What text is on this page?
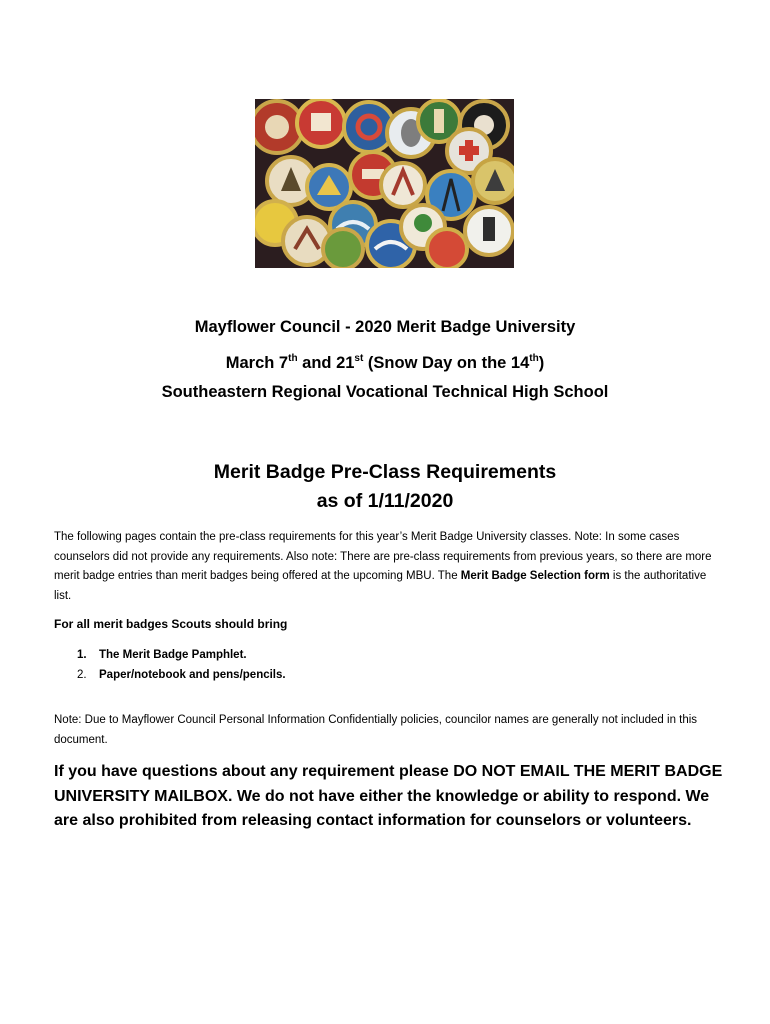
Mayflower Council - 2020 Merit Badge University
March 7th and 21st (Snow Day on the 14th)
Southeastern Regional Vocational Technical High School
Merit Badge Pre-Class Requirements
as of 1/11/2020
The following pages contain the pre-class requirements for this year’s Merit Badge University classes. Note: In some cases counselors did not provide any requirements. Also note: There are pre-class requirements from previous years, so there are more merit badge entries than merit badges being offered at the upcoming MBU. The Merit Badge Selection form is the authoritative list.
For all merit badges Scouts should bring
1.	The Merit Badge Pamphlet.
2.	Paper/notebook and pens/pencils.
Note: Due to Mayflower Council Personal Information Confidentially policies, councilor names are generally not included in this document.
If you have questions about any requirement please DO NOT EMAIL THE MERIT BADGE UNIVERSITY MAILBOX. We do not have either the knowledge or ability to respond. We are also prohibited from releasing contact information for counselors or volunteers.
